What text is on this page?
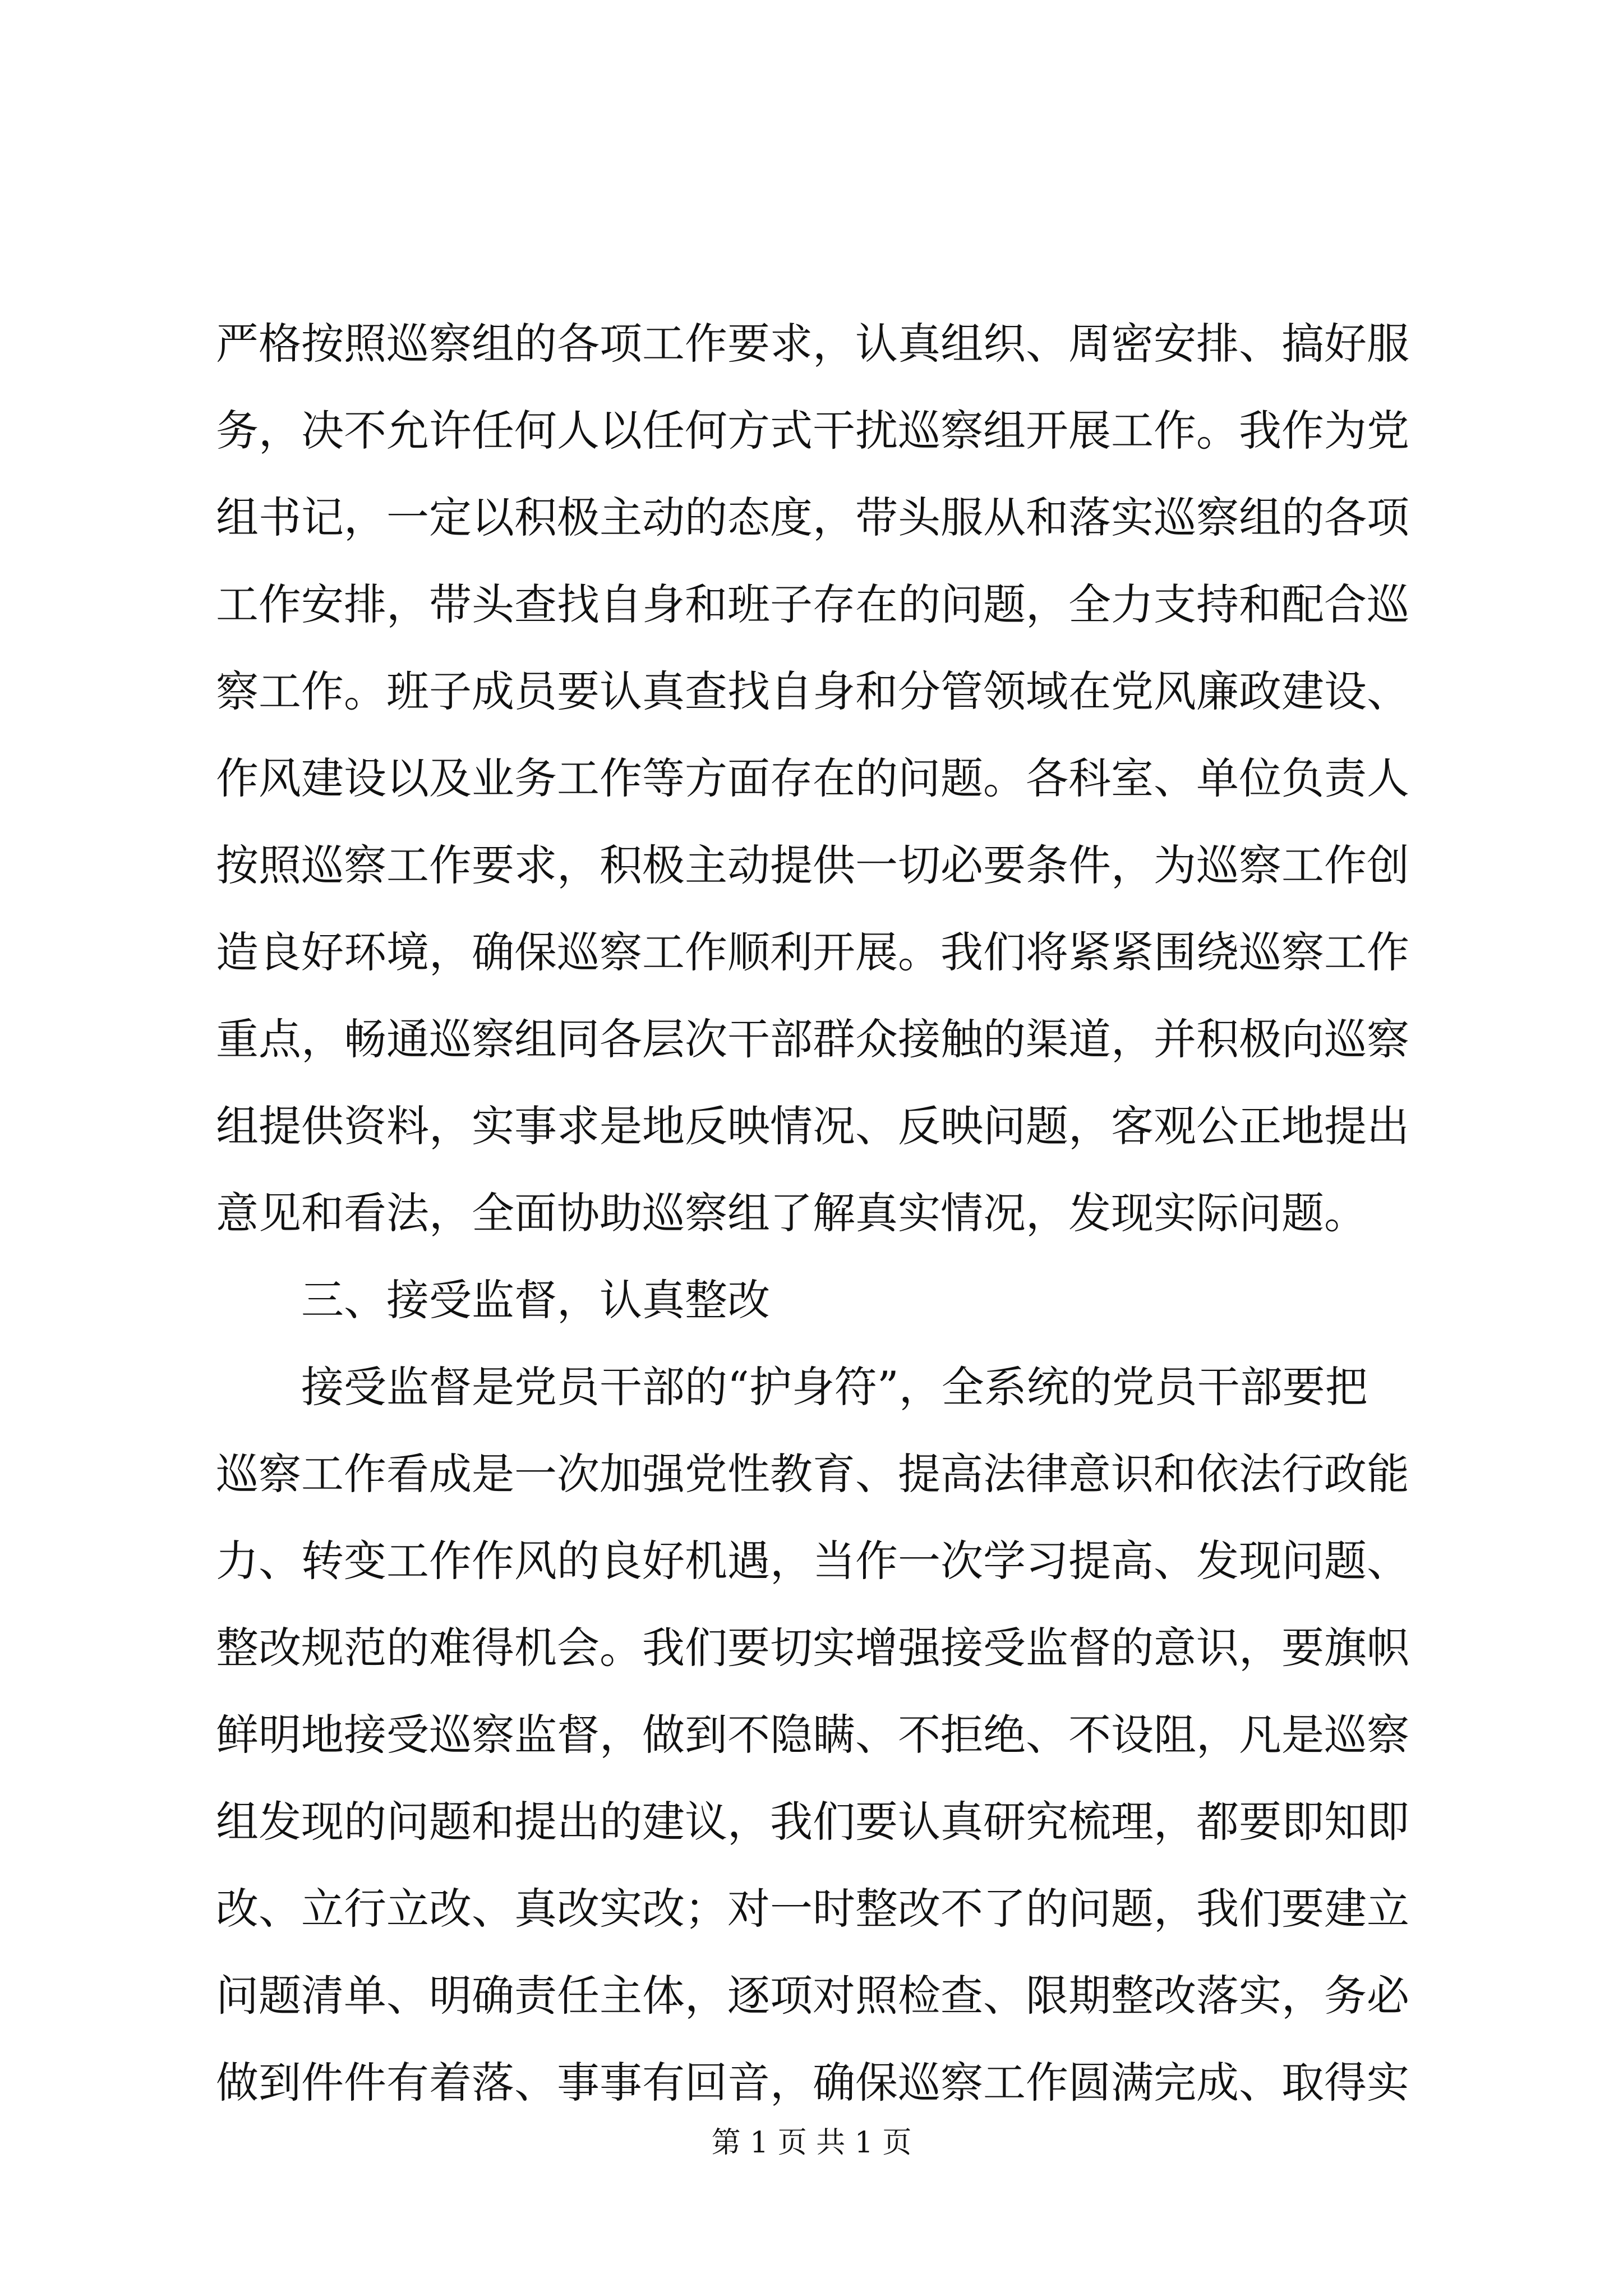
严格按照巡察组的各项工作要求，认真组织、周密安排、搞好服
务，决不允许任何人以任何方式干扰巡察组开展工作。我作为党
组书记，一定以积极主动的态度，带头服从和落实巡察组的各项
工作安排，带头查找自身和班子存在的问题，全力支持和配合巡
察工作。班子成员要认真查找自身和分管领域在党风廉政建设、
作风建设以及业务工作等方面存在的问题。各科室、单位负责人
按照巡察工作要求，积极主动提供一切必要条件，为巡察工作创
造良好环境，确保巡察工作顺利开展。我们将紧紧围绕巡察工作
重点，畅通巡察组同各层次干部群众接触的渠道，并积极向巡察
组提供资料，实事求是地反映情况、反映问题，客观公正地提出
意见和看法，全面协助巡察组了解真实情况，发现实际问题。
　　三、接受监督，认真整改
　　接受监督是党员干部的“护身符”，全系统的党员干部要把
巡察工作看成是一次加强党性教育、提高法律意识和依法行政能
力、转变工作作风的良好机遇，当作一次学习提高、发现问题、
整改规范的难得机会。我们要切实增强接受监督的意识，要旗帜
鲜明地接受巡察监督，做到不隐瞒、不拒绝、不设阻，凡是巡察
组发现的问题和提出的建议，我们要认真研究梳理，都要即知即
改、立行立改、真改实改；对一时整改不了的问题，我们要建立
问题清单、明确责任主体，逐项对照检查、限期整改落实，务必
做到件件有着落、事事有回音，确保巡察工作圆满完成、取得实
第 1 页 共 1 页
